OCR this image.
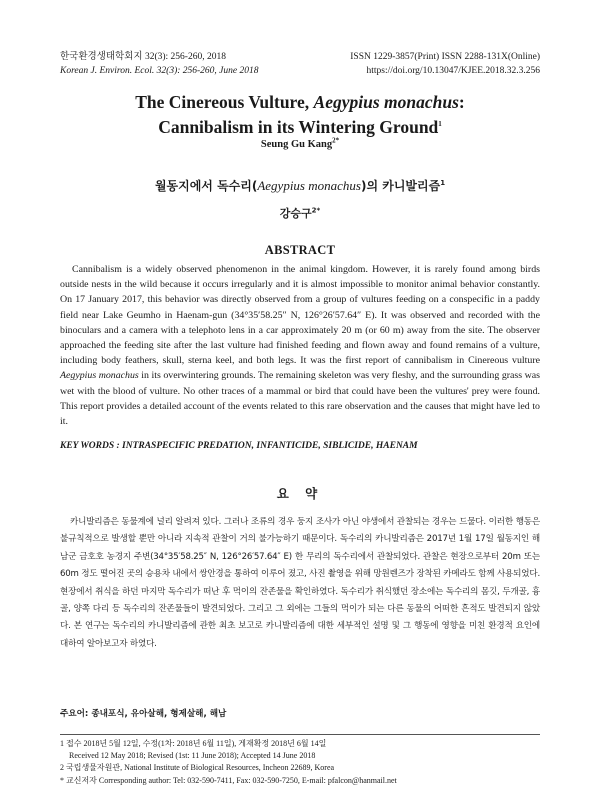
한국환경생태학회지 32(3): 256-260, 2018
Korean J. Environ. Ecol. 32(3): 256-260, June 2018
ISSN 1229-3857(Print) ISSN 2288-131X(Online)
https://doi.org/10.13047/KJEE.2018.32.3.256
The Cinereous Vulture, Aegypius monachus:
Cannibalism in its Wintering Ground$^1$
Seung Gu Kang$^{2*}$
월동지에서 독수리(Aegypius monachus)의 카니발리즘$^1$
강승구$^{2*}$
ABSTRACT

Cannibalism is a widely observed phenomenon in the animal kingdom. However, it is rarely found among birds outside nests in the wild because it occurs irregularly and it is almost impossible to monitor animal behavior constantly. On 17 January 2017, this behavior was directly observed from a group of vultures feeding on a conspecific in a paddy field near Lake Geumho in Haenam-gun (34°35′58.25″ N, 126°26′57.64″ E). It was observed and recorded with the binoculars and a camera with a telephoto lens in a car approximately 20 m (or 60 m) away from the site. The observer approached the feeding site after the last vulture had finished feeding and flown away and found remains of a vulture, including body feathers, skull, sterna keel, and both legs. It was the first report of cannibalism in Cinereous vulture Aegypius monachus in its overwintering grounds. The remaining skeleton was very fleshy, and the surrounding grass was wet with the blood of vulture. No other traces of a mammal or bird that could have been the vultures' prey were found. This report provides a detailed account of the events related to this rare observation and the causes that might have led to it.

KEY WORDS : INTRASPECIFIC PREDATION, INFANTICIDE, SIBLICIDE, HAENAM
요 약

카니발리즘은 동물계에 널리 알려져 있다. 그러나 조류의 경우 둥지 조사가 아닌 야생에서 관찰되는 경우는 드물다. 이러한 행동은 불규칙적으로 발생할 뿐만 아니라 지속적 관찰이 거의 불가능하기 때문이다. 독수리의 카니발리즘은 2017년 1월 17일 월동지인 해남군 금호호 농경지 주변(34°35′58.25″ N, 126°26′57.64″ E) 한 무리의 독수리에서 관찰되었다. 관찰은 현장으로부터 20m 또는 60m 정도 떨어진 곳의 승용차 내에서 쌍안경을 통하여 이루어 졌고, 사진 촬영을 위해 망원렌즈가 장착된 카메라도 함께 사용되었다. 현장에서 취식을 하던 마지막 독수리가 떠난 후 먹이의 잔존물을 확인하였다. 독수리가 취식했던 장소에는 독수리의 몸깃, 두개골, 흉골, 양쪽 다리 등 독수리의 잔존물들이 발견되었다. 그리고 그 외에는 그들의 먹이가 되는 다른 동물의 어떠한 흔적도 발견되지 않았다. 본 연구는 독수리의 카니발리즘에 관한 최초 보고로 카니발리즘에 대한 세부적인 설명 및 그 행동에 영향을 미친 환경적 요인에 대하여 알아보고자 하였다.

주요어: 종내포식, 유아살해, 형제살해, 해남
1 접수 2018년 5월 12일, 수정(1차: 2018년 6월 11일), 게재확정 2018년 6월 14일
Received 12 May 2018; Revised (1st: 11 June 2018); Accepted 14 June 2018
2 국립생물자원관, National Institute of Biological Resources, Incheon 22689, Korea
* 교신저자 Corresponding author: Tel: 032-590-7411, Fax: 032-590-7250, E-mail: pfalcon@hanmail.net
